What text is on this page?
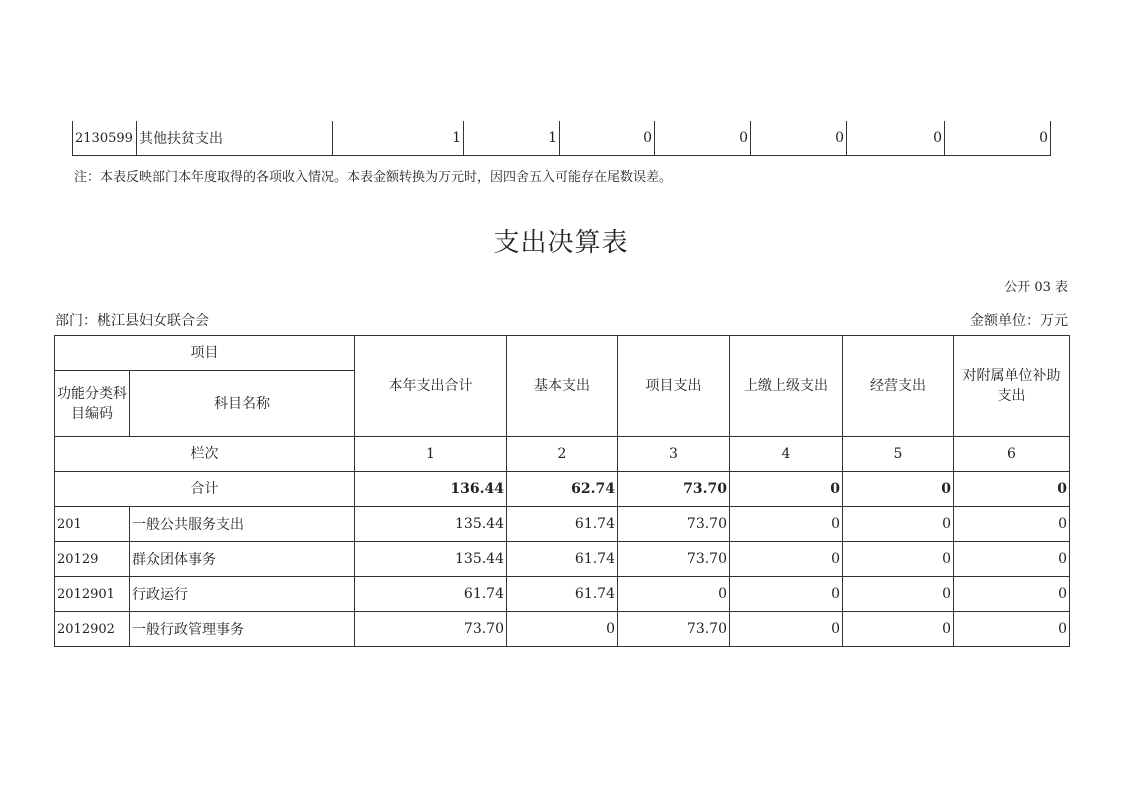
2130599	其他扶贫支出	1	1	0	0	0	0	0
注：本表反映部门本年度取得的各项收入情况。本表金额转换为万元时，因四舍五入可能存在尾数误差。
支出决算表
公开 03 表
部门：桃江县妇女联合会	金额单位：万元
项目		本年支出合计	基本支出	项目支出	上缴上级支出	经营支出	对附属单位补助支出
功能分类科目编码	科目名称						
栏次		1	2	3	4	5	6
合计		136.44	62.74	73.70	0	0	0
201	一般公共服务支出	135.44	61.74	73.70	0	0	0
20129	群众团体事务	135.44	61.74	73.70	0	0	0
2012901	行政运行	61.74	61.74	0	0	0	0
2012902	一般行政管理事务	73.70	0	73.70	0	0	0
